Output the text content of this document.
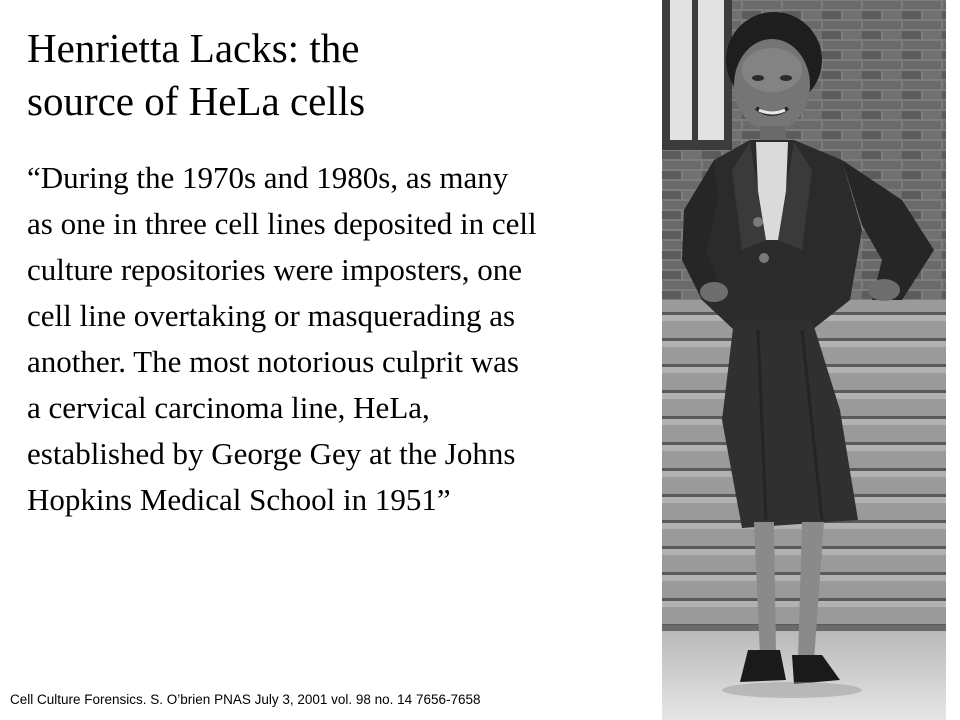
Henrietta Lacks: the
source of HeLa cells

“During the 1970s and 1980s, as many
as one in three cell lines deposited in cell
culture repositories were imposters, one
cell line overtaking or masquerading as
another. The most notorious culprit was
a cervical carcinoma line, HeLa,
established by George Gey at the Johns
Hopkins Medical School in 1951”

Cell Culture Forensics. S. O’brien PNAS July 3, 2001 vol. 98 no. 14 7656-7658
